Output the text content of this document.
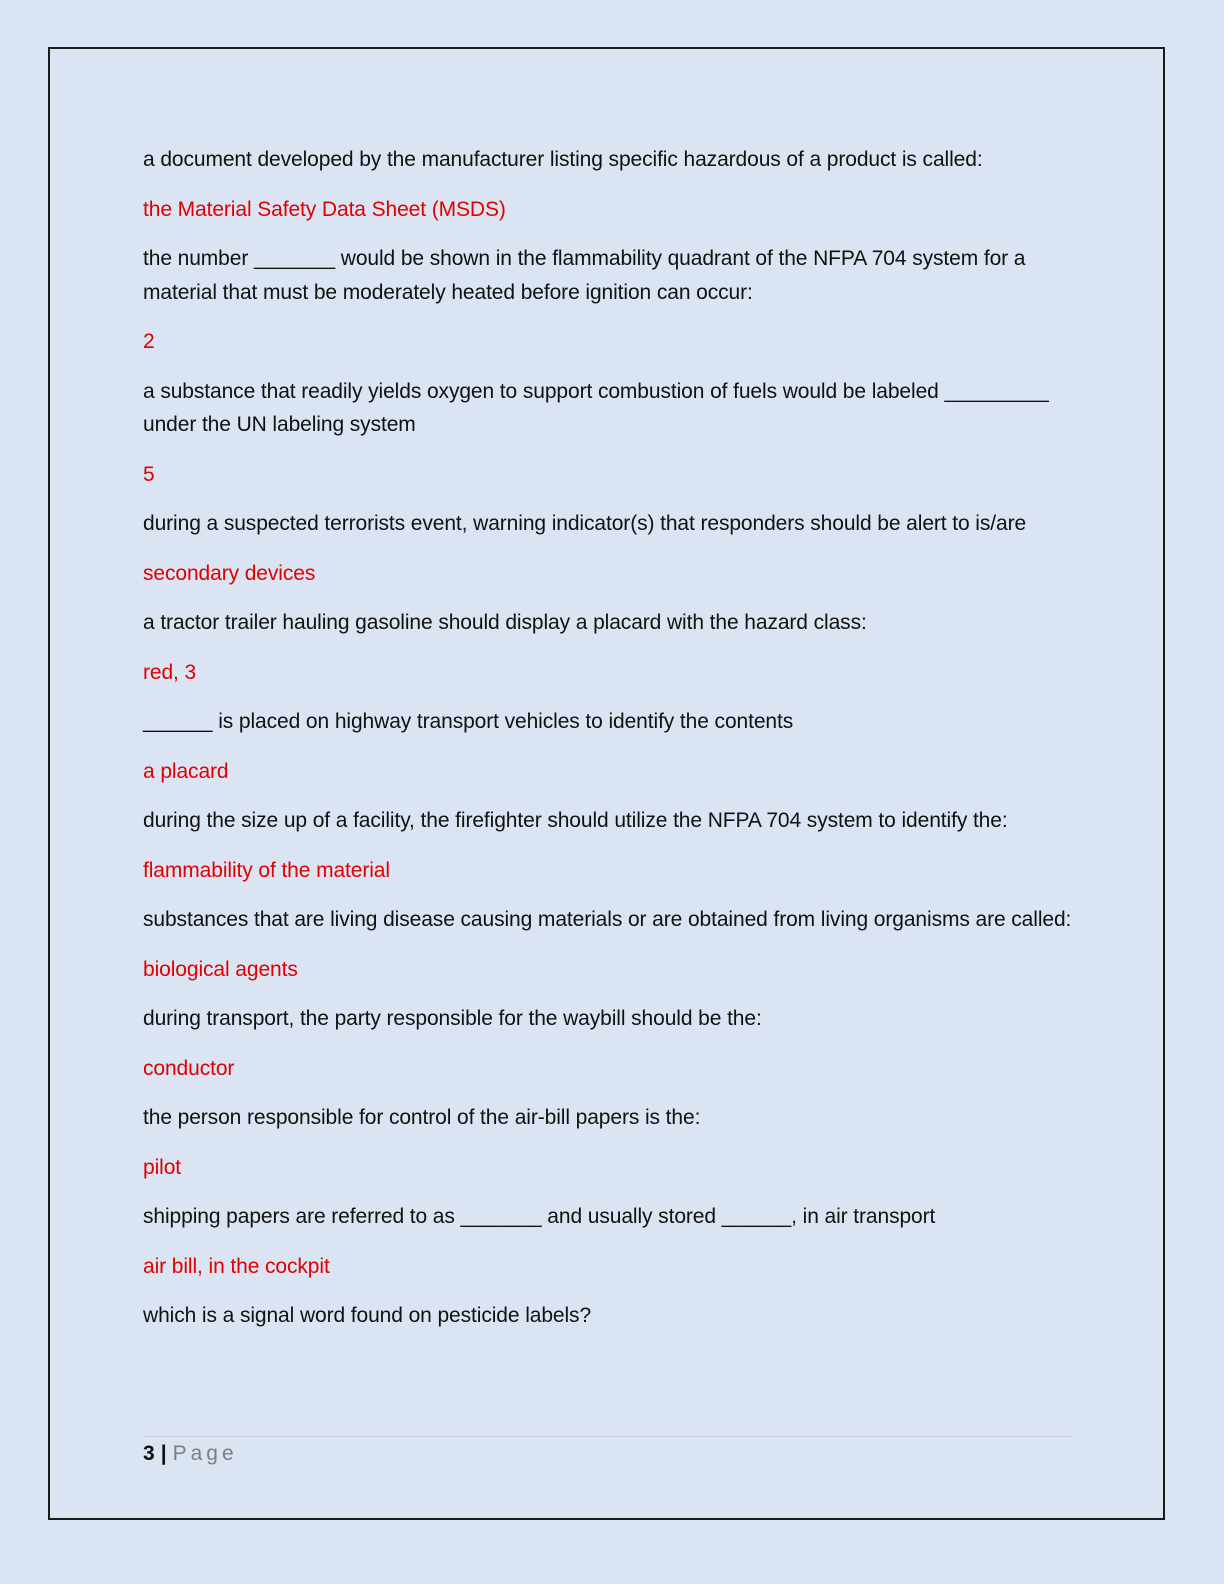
a document developed by the manufacturer listing specific hazardous of a product is called:

the Material Safety Data Sheet (MSDS)

the number _______ would be shown in the flammability quadrant of the NFPA 704 system for a material that must be moderately heated before ignition can occur:

2

a substance that readily yields oxygen to support combustion of fuels would be labeled _________ under the UN labeling system

5

during a suspected terrorists event, warning indicator(s) that responders should be alert to is/are

secondary devices

a tractor trailer hauling gasoline should display a placard with the hazard class:

red, 3

______ is placed on highway transport vehicles to identify the contents

a placard

during the size up of a facility, the firefighter should utilize the NFPA 704 system to identify the:

flammability of the material

substances that are living disease causing materials or are obtained from living organisms are called:

biological agents

during transport, the party responsible for the waybill should be the:

conductor

the person responsible for control of the air-bill papers is the:

pilot

shipping papers are referred to as _______ and usually stored ______, in air transport

air bill, in the cockpit

which is a signal word found on pesticide labels?

3 | Page
